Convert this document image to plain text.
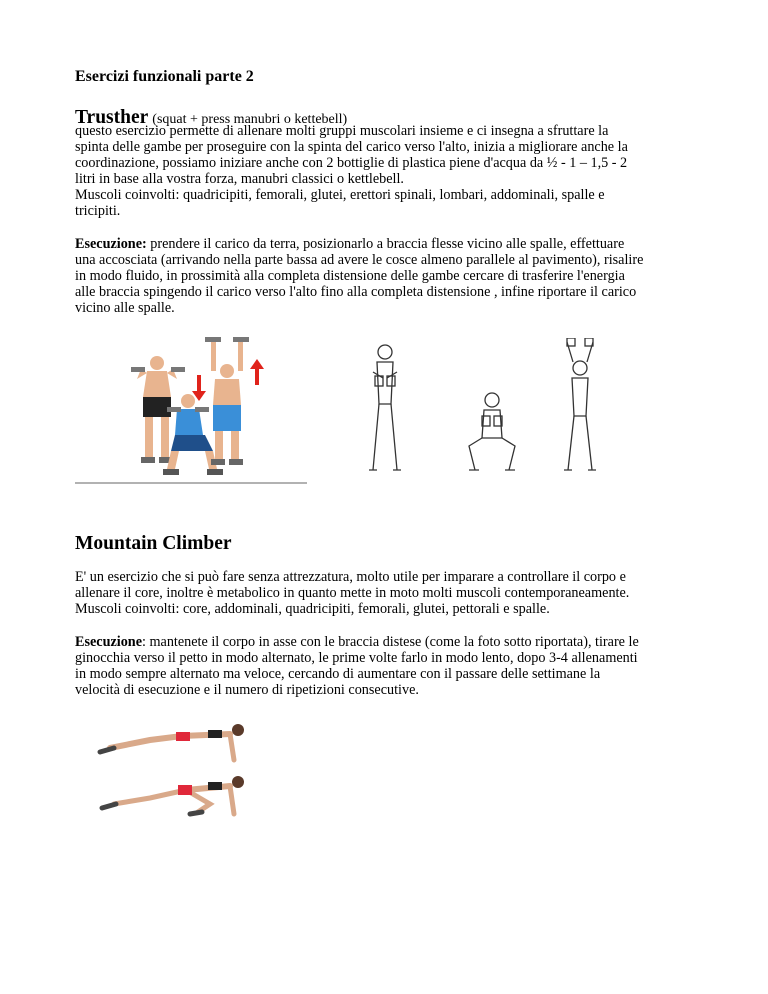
Esercizi funzionali parte 2

Trusther (squat + press manubri o kettebell)

questo esercizio permette di allenare molti gruppi muscolari insieme e ci insegna a sfruttare la

spinta delle gambe per proseguire con la spinta del carico verso l'alto, inizia a migliorare anche la

coordinazione, possiamo iniziare anche con 2 bottiglie di plastica piene d'acqua da ½ - 1 – 1,5 - 2

litri in base alla vostra forza, manubri classici o kettlebell.

Muscoli coinvolti: quadricipiti, femorali, glutei, erettori spinali, lombari, addominali, spalle e

tricipiti.

Esecuzione: prendere il carico da terra, posizionarlo a braccia flesse vicino alle spalle, effettuare

una accosciata (arrivando nella parte bassa ad avere le cosce almeno parallele al pavimento), risalire

in modo fluido, in prossimità alla completa distensione delle gambe cercare di trasferire l'energia

alle braccia spingendo il carico verso l'alto fino alla completa distensione , infine riportare il carico

vicino alle spalle.

Mountain Climber

E' un esercizio che si può fare senza attrezzatura, molto utile per imparare a controllare il corpo e

allenare il core, inoltre è metabolico in quanto mette in moto molti muscoli contemporaneamente.

Muscoli coinvolti: core, addominali, quadricipiti, femorali, glutei, pettorali e spalle.

Esecuzione: mantenete il corpo in asse con le braccia distese (come la foto sotto riportata), tirare le

ginocchia verso il petto in modo alternato, le prime volte farlo in modo lento, dopo 3-4 allenamenti

in modo sempre alternato ma veloce, cercando di aumentare con il passare delle settimane la

velocità di esecuzione e il numero di ripetizioni consecutive.
